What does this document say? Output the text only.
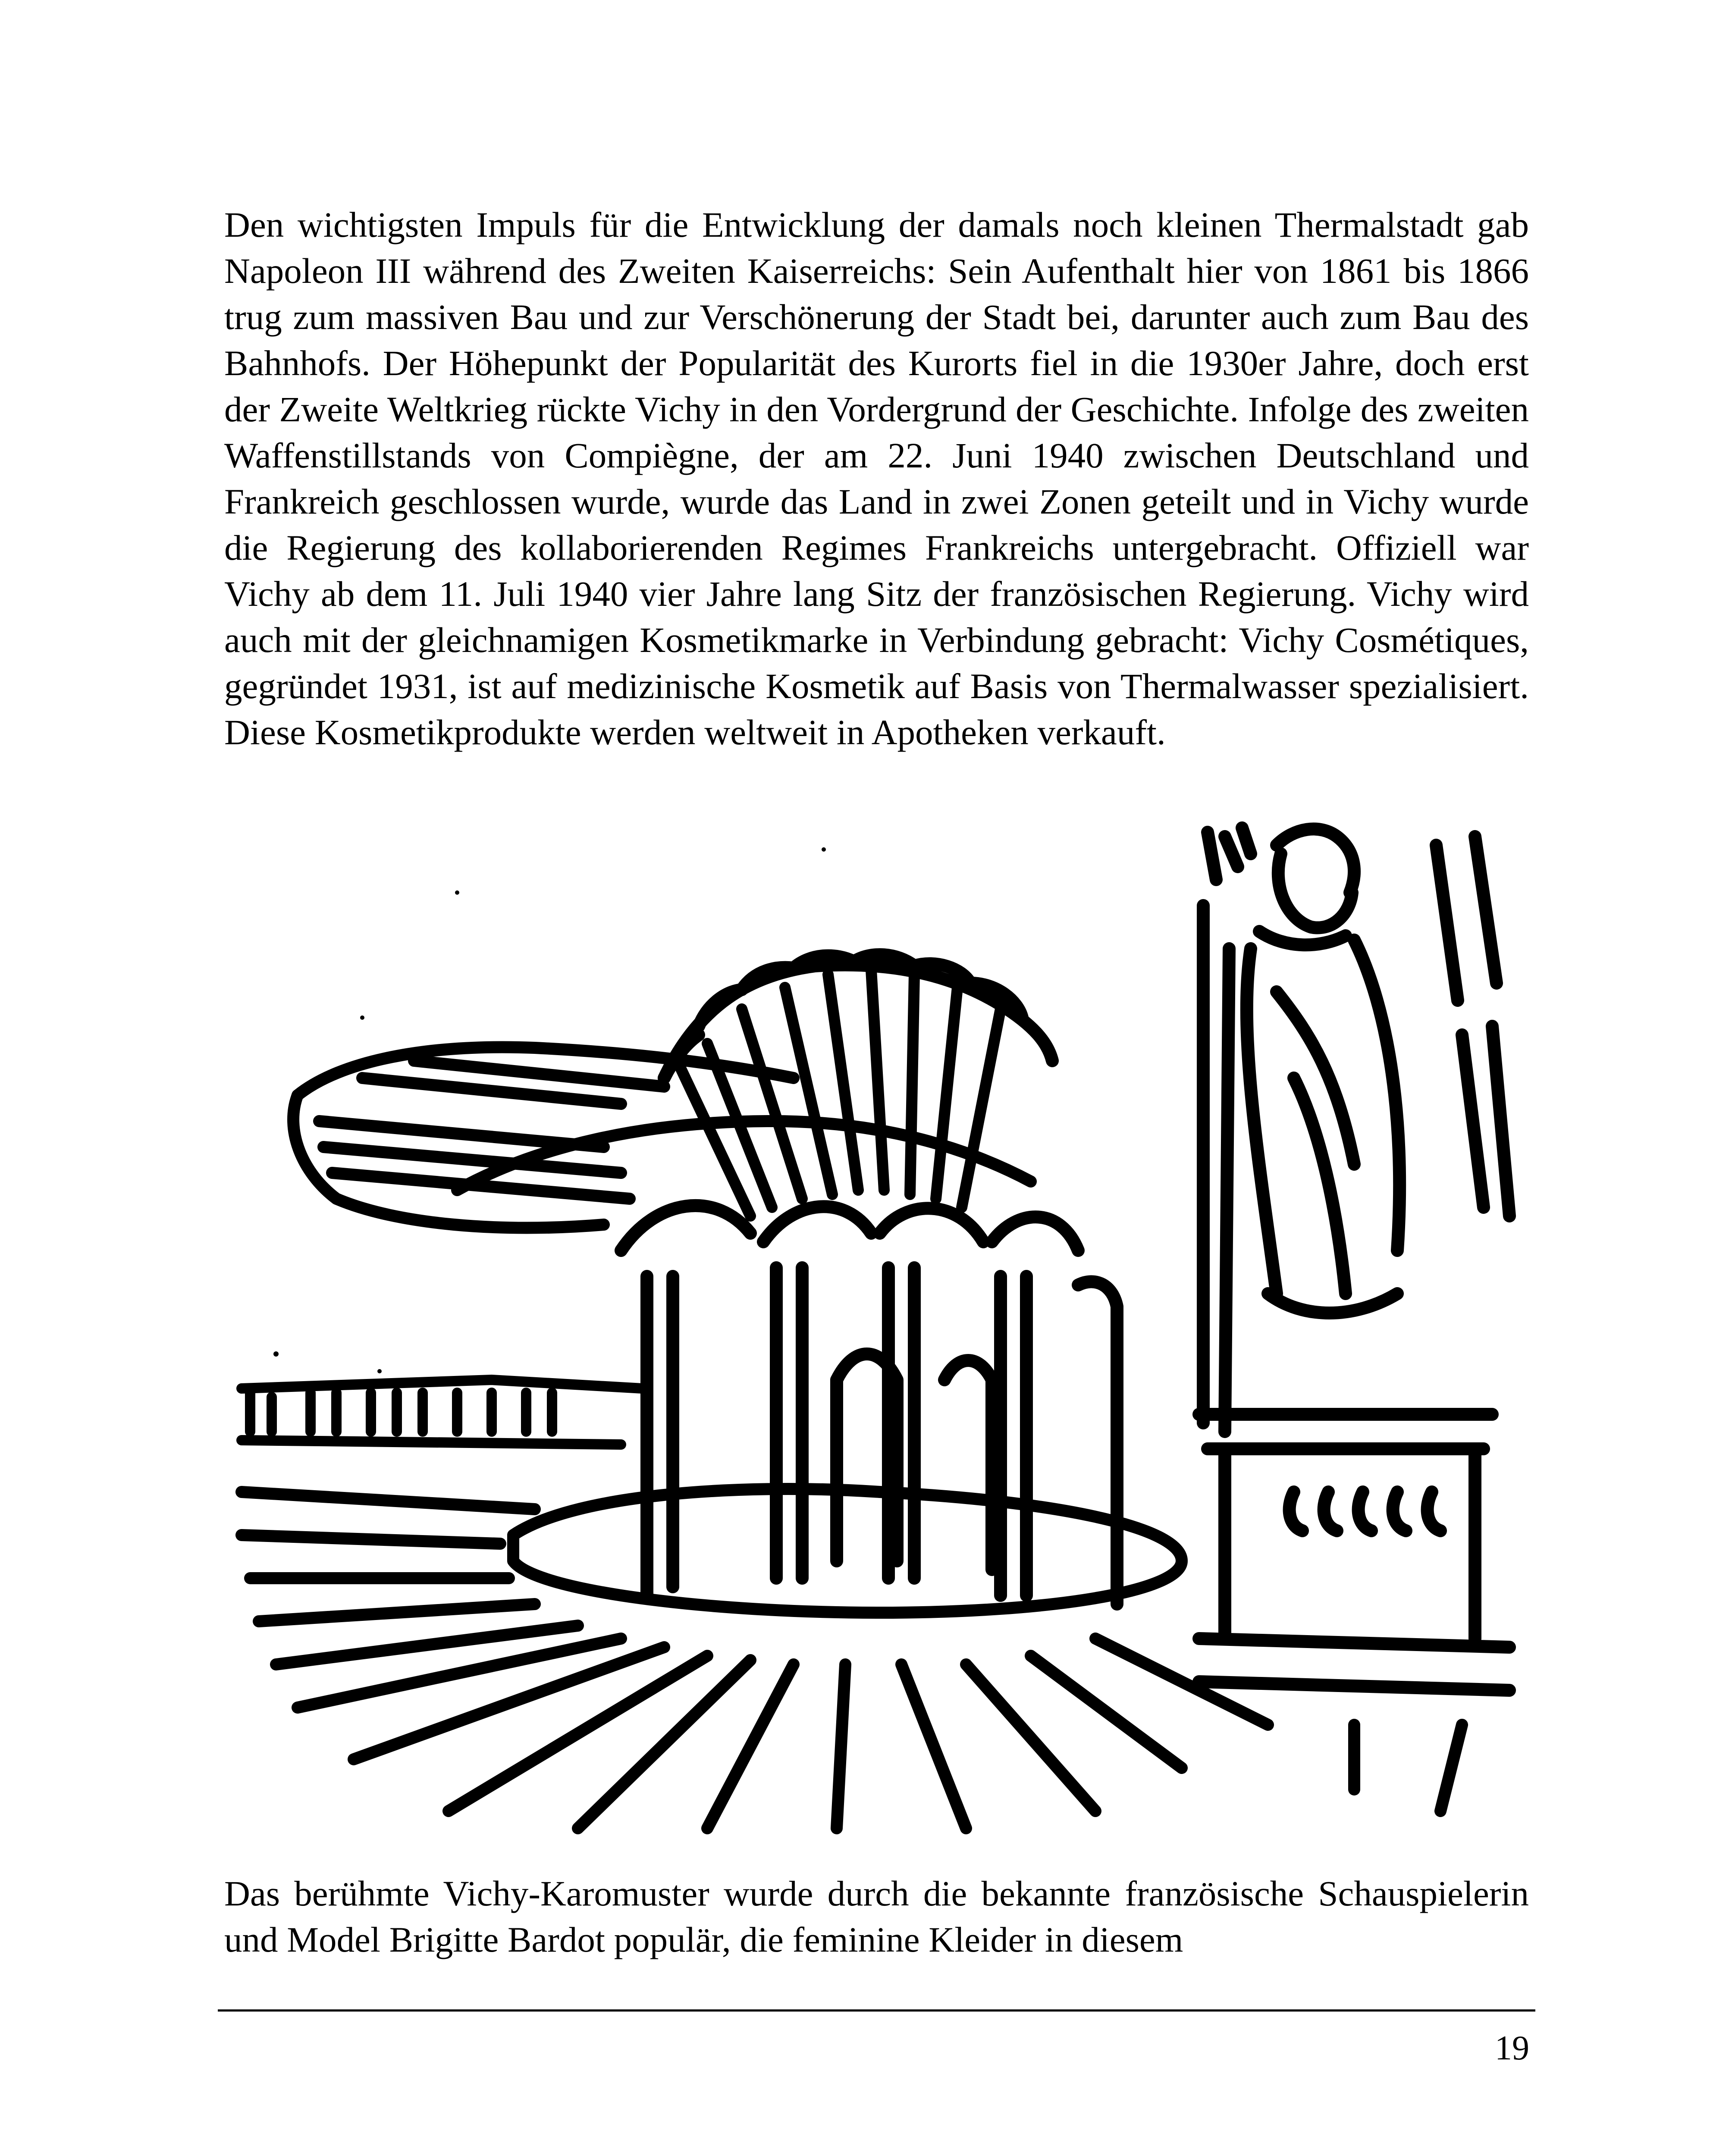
Den wichtigsten Impuls für die Entwicklung der damals noch kleinen Thermalstadt gab Napoleon III während des Zweiten Kaiserreichs: Sein Aufenthalt hier von 1861 bis 1866 trug zum massiven Bau und zur Verschönerung der Stadt bei, darunter auch zum Bau des Bahnhofs. Der Höhepunkt der Popularität des Kurorts fiel in die 1930er Jahre, doch erst der Zweite Weltkrieg rückte Vichy in den Vordergrund der Geschichte. Infolge des zweiten Waffenstillstands von Compiègne, der am 22. Juni 1940 zwischen Deutschland und Frankreich geschlossen wurde, wurde das Land in zwei Zonen geteilt und in Vichy wurde die Regierung des kollaborierenden Regimes Frankreichs untergebracht. Offiziell war Vichy ab dem 11. Juli 1940 vier Jahre lang Sitz der französischen Regierung. Vichy wird auch mit der gleichnamigen Kosmetikmarke in Verbindung gebracht: Vichy Cosmétiques, gegründet 1931, ist auf medizinische Kosmetik auf Basis von Thermalwasser spezialisiert. Diese Kosmetikprodukte werden weltweit in Apotheken verkauft.

Das berühmte Vichy-Karomuster wurde durch die bekannte französische Schauspielerin und Model Brigitte Bardot populär, die feminine Kleider in diesem

19
